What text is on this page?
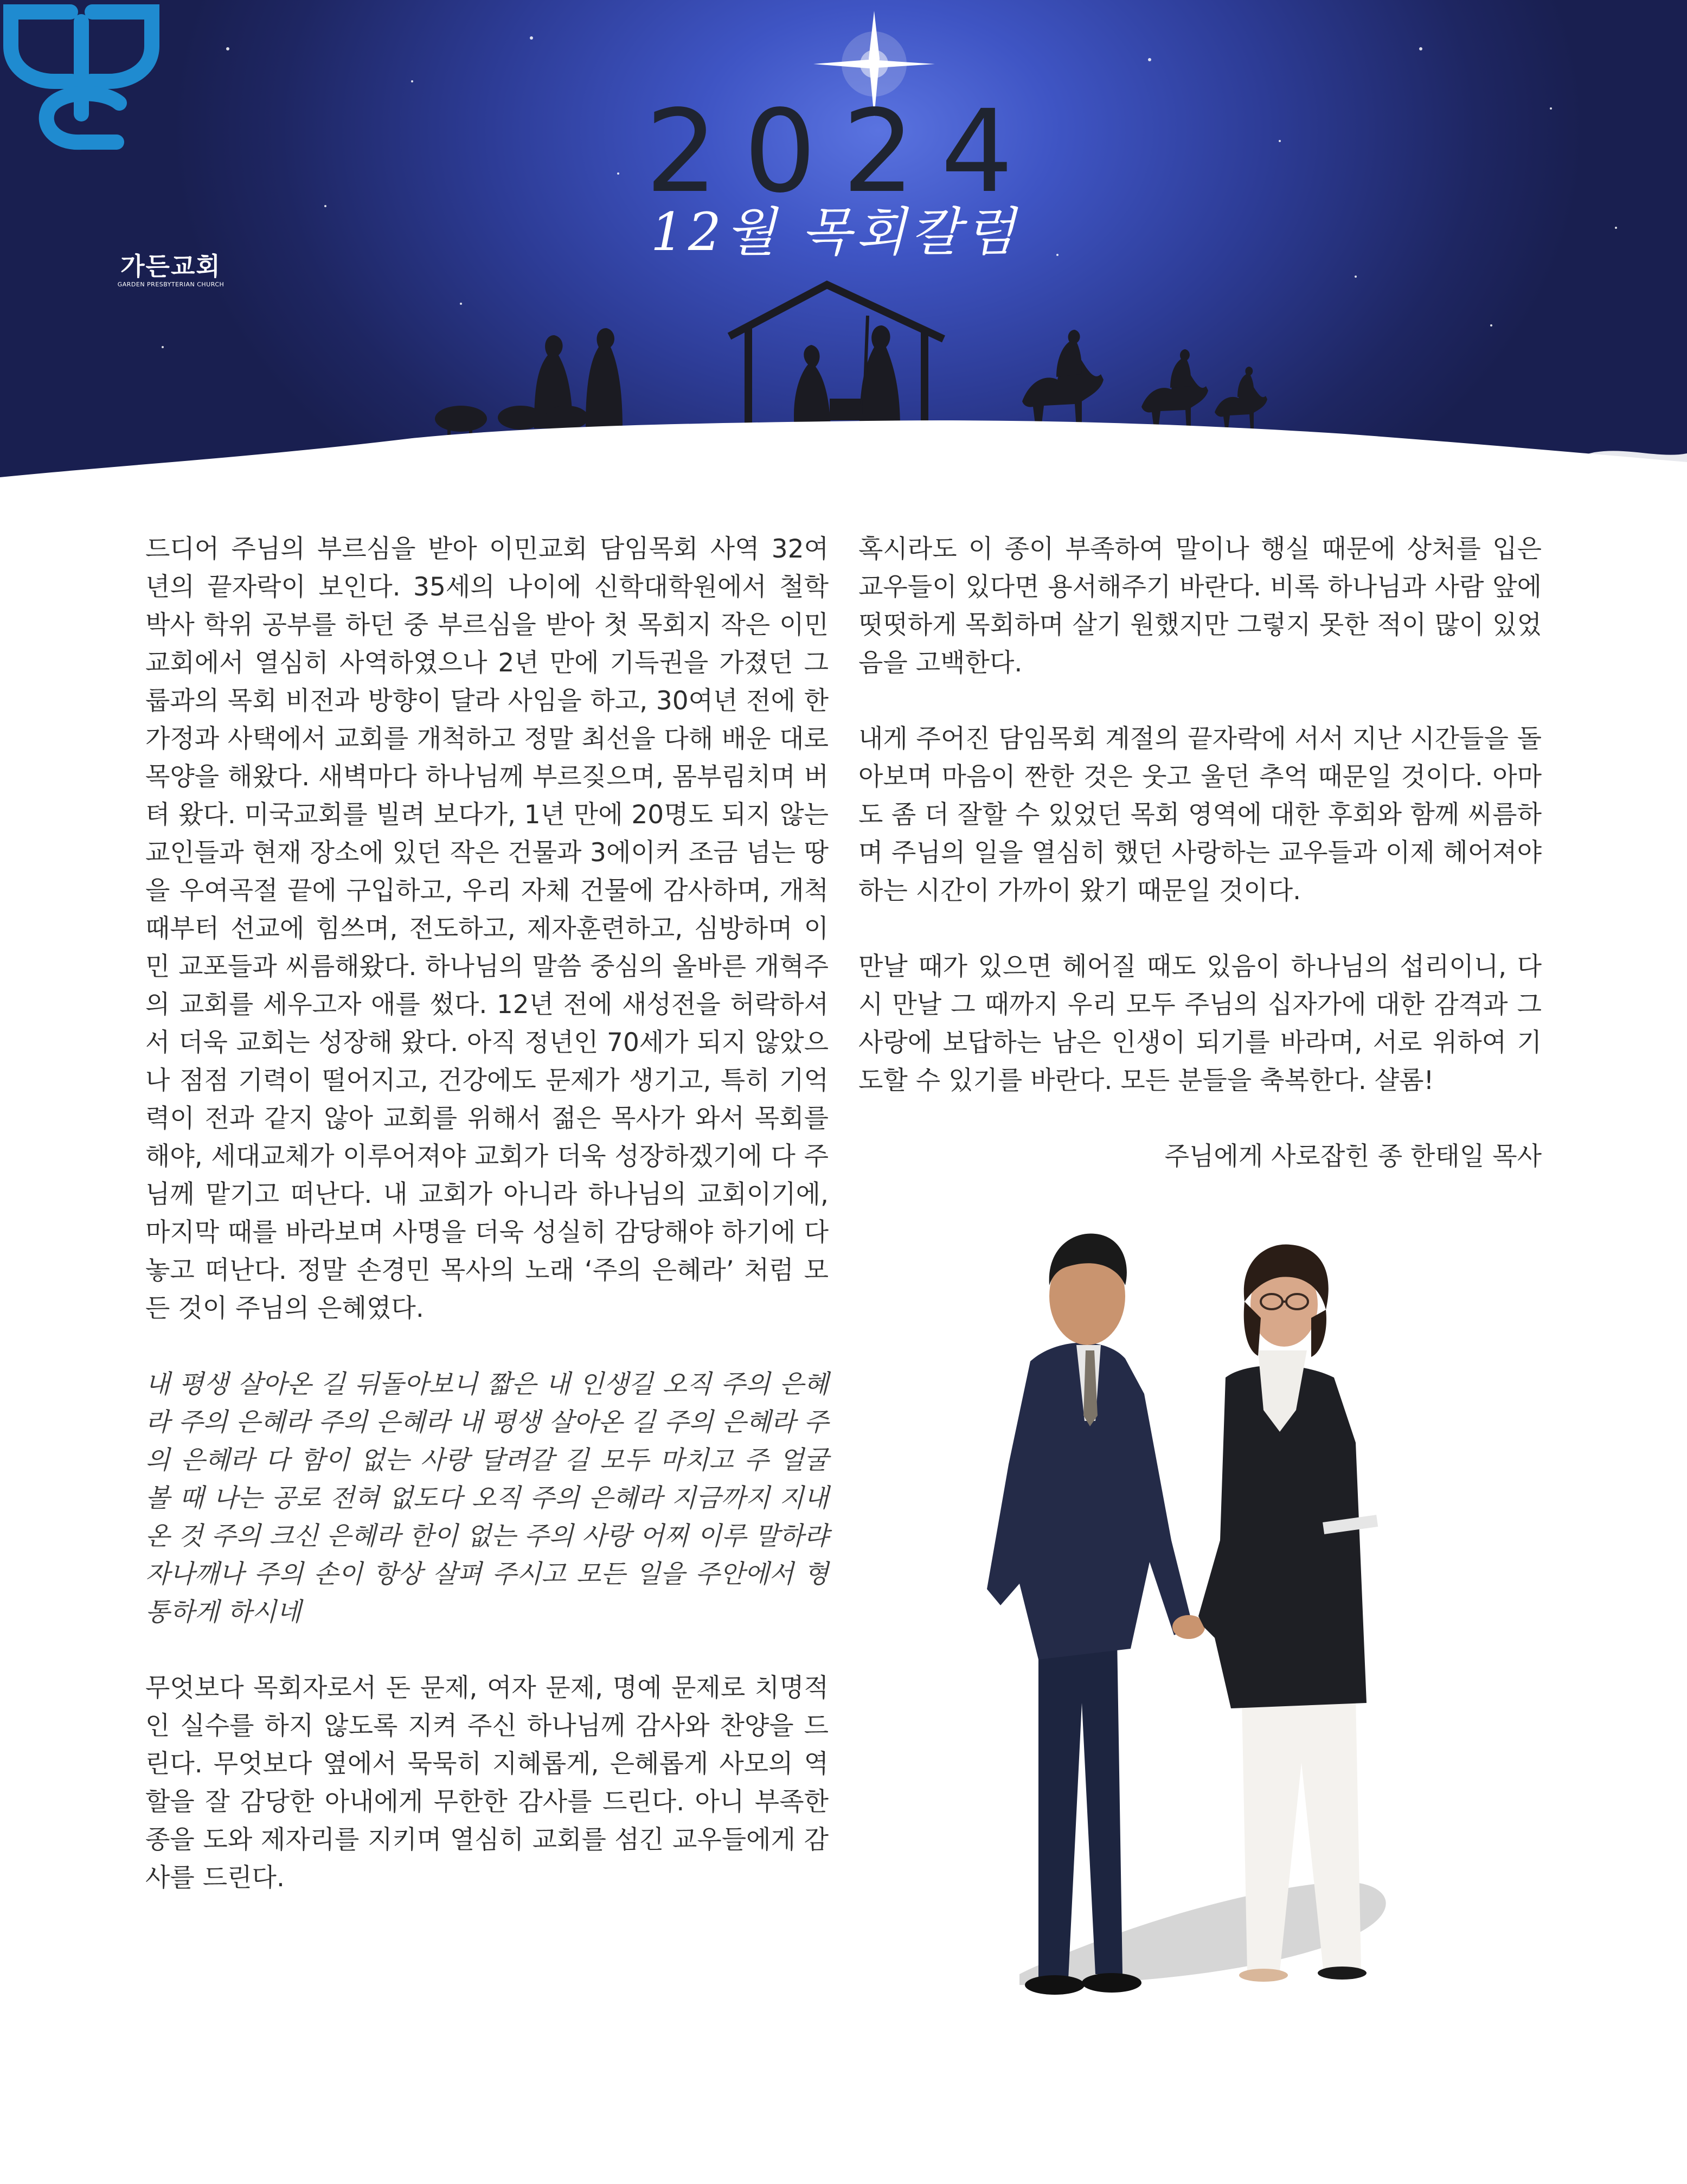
가든교회
GARDEN PRESBYTERIAN CHURCH
2024
12월 목회칼럼

드디어 주님의 부르심을 받아 이민교회 담임목회 사역 32여 년의 끝자락이 보인다. 35세의 나이에 신학대학원에서 철학 박사 학위 공부를 하던 중 부르심을 받아 첫 목회지 작은 이민교회에서 열심히 사역하였으나 2년 만에 기득권을 가졌던 그룹과의 목회 비전과 방향이 달라 사임을 하고, 30여년 전에 한 가정과 사택에서 교회를 개척하고 정말 최선을 다해 배운 대로 목양을 해왔다. 새벽마다 하나님께 부르짖으며, 몸부림치며 버텨 왔다. 미국교회를 빌려 보다가, 1년 만에 20명도 되지 않는 교인들과 현재 장소에 있던 작은 건물과 3에이커 조금 넘는 땅을 우여곡절 끝에 구입하고, 우리 자체 건물에 감사하며, 개척 때부터 선교에 힘쓰며, 전도하고, 제자훈련하고, 심방하며 이민 교포들과 씨름해왔다. 하나님의 말씀 중심의 올바른 개혁주의 교회를 세우고자 애를 썼다. 12년 전에 새성전을 허락하셔서 더욱 교회는 성장해 왔다. 아직 정년인 70세가 되지 않았으나 점점 기력이 떨어지고, 건강에도 문제가 생기고, 특히 기억력이 전과 같지 않아 교회를 위해서 젊은 목사가 와서 목회를 해야, 세대교체가 이루어져야 교회가 더욱 성장하겠기에 다 주님께 맡기고 떠난다. 내 교회가 아니라 하나님의 교회이기에, 마지막 때를 바라보며 사명을 더욱 성실히 감당해야 하기에 다 놓고 떠난다. 정말 손경민 목사의 노래 ‘주의 은혜라’ 처럼 모든 것이 주님의 은혜였다.

내 평생 살아온 길 뒤돌아보니 짧은 내 인생길 오직 주의 은혜라 주의 은혜라 주의 은혜라 내 평생 살아온 길 주의 은혜라 주의 은혜라 다 함이 없는 사랑 달려갈 길 모두 마치고 주 얼굴 볼 때 나는 공로 전혀 없도다 오직 주의 은혜라 지금까지 지내 온 것 주의 크신 은혜라 한이 없는 주의 사랑 어찌 이루 말하랴 자나깨나 주의 손이 항상 살펴 주시고 모든 일을 주안에서 형통하게 하시네

무엇보다 목회자로서 돈 문제, 여자 문제, 명예 문제로 치명적인 실수를 하지 않도록 지켜 주신 하나님께 감사와 찬양을 드린다. 무엇보다 옆에서 묵묵히 지혜롭게, 은혜롭게 사모의 역할을 잘 감당한 아내에게 무한한 감사를 드린다. 아니 부족한 종을 도와 제자리를 지키며 열심히 교회를 섬긴 교우들에게 감사를 드린다.

혹시라도 이 종이 부족하여 말이나 행실 때문에 상처를 입은 교우들이 있다면 용서해주기 바란다. 비록 하나님과 사람 앞에 떳떳하게 목회하며 살기 원했지만 그렇지 못한 적이 많이 있었음을 고백한다.

내게 주어진 담임목회 계절의 끝자락에 서서 지난 시간들을 돌아보며 마음이 짠한 것은 웃고 울던 추억 때문일 것이다. 아마도 좀 더 잘할 수 있었던 목회 영역에 대한 후회와 함께 씨름하며 주님의 일을 열심히 했던 사랑하는 교우들과 이제 헤어져야 하는 시간이 가까이 왔기 때문일 것이다.

만날 때가 있으면 헤어질 때도 있음이 하나님의 섭리이니, 다시 만날 그 때까지 우리 모두 주님의 십자가에 대한 감격과 그 사랑에 보답하는 남은 인생이 되기를 바라며, 서로 위하여 기도할 수 있기를 바란다. 모든 분들을 축복한다. 샬롬!

주님에게 사로잡힌 종 한태일 목사
